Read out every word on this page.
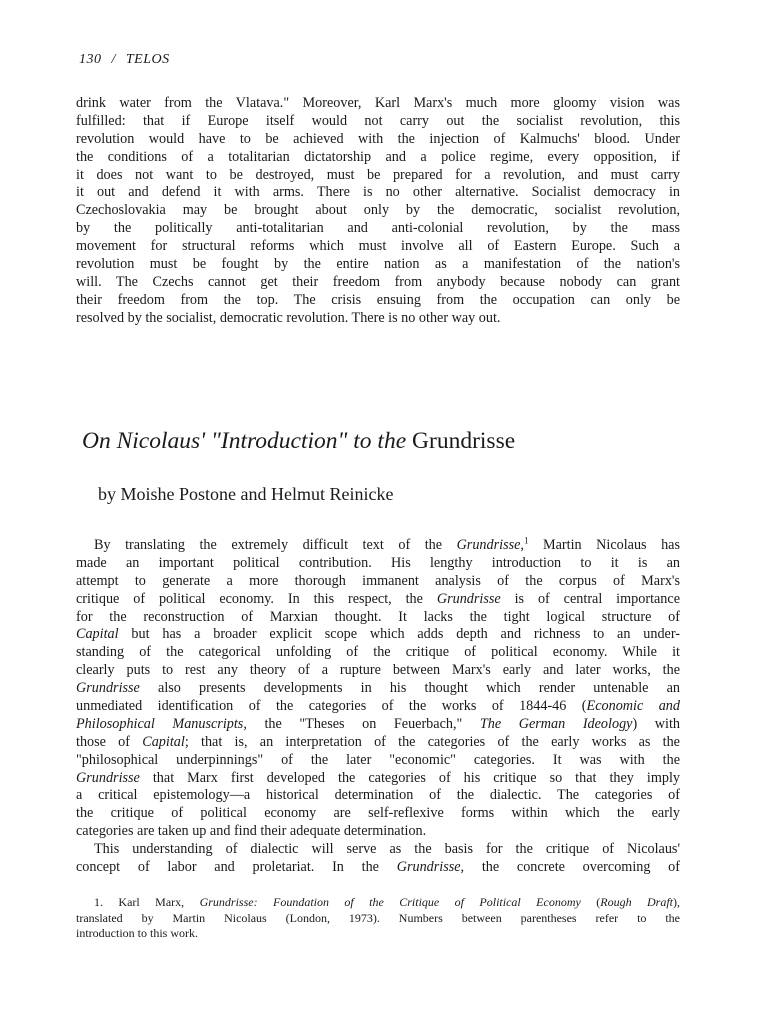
130 / TELOS
drink water from the Vlatava." Moreover, Karl Marx's much more gloomy vision was
fulfilled: that if Europe itself would not carry out the socialist revolution, this
revolution would have to be achieved with the injection of Kalmuchs' blood. Under
the conditions of a totalitarian dictatorship and a police regime, every opposition, if
it does not want to be destroyed, must be prepared for a revolution, and must carry
it out and defend it with arms. There is no other alternative. Socialist democracy in
Czechoslovakia may be brought about only by the democratic, socialist revolution,
by the politically anti-totalitarian and anti-colonial revolution, by the mass
movement for structural reforms which must involve all of Eastern Europe. Such a
revolution must be fought by the entire nation as a manifestation of the nation's
will. The Czechs cannot get their freedom from anybody because nobody can grant
their freedom from the top. The crisis ensuing from the occupation can only be
resolved by the socialist, democratic revolution. There is no other way out.
On Nicolaus' "Introduction" to the Grundrisse
by Moishe Postone and Helmut Reinicke
By translating the extremely difficult text of the Grundrisse,$^1$ Martin Nicolaus has
made an important political contribution. His lengthy introduction to it is an
attempt to generate a more thorough immanent analysis of the corpus of Marx's
critique of political economy. In this respect, the Grundrisse is of central importance
for the reconstruction of Marxian thought. It lacks the tight logical structure of
Capital but has a broader explicit scope which adds depth and richness to an under-
standing of the categorical unfolding of the critique of political economy. While it
clearly puts to rest any theory of a rupture between Marx's early and later works, the
Grundrisse also presents developments in his thought which render untenable an
unmediated identification of the categories of the works of 1844-46 (Economic and
Philosophical Manuscripts, the "Theses on Feuerbach," The German Ideology) with
those of Capital; that is, an interpretation of the categories of the early works as the
"philosophical underpinnings" of the later "economic" categories. It was with the
Grundrisse that Marx first developed the categories of his critique so that they imply
a critical epistemology—a historical determination of the dialectic. The categories of
the critique of political economy are self-reflexive forms within which the early
categories are taken up and find their adequate determination.
This understanding of dialectic will serve as the basis for the critique of Nicolaus'
concept of labor and proletariat. In the Grundrisse, the concrete overcoming of
1. Karl Marx, Grundrisse: Foundation of the Critique of Political Economy (Rough Draft),
translated by Martin Nicolaus (London, 1973). Numbers between parentheses refer to the
introduction to this work.
